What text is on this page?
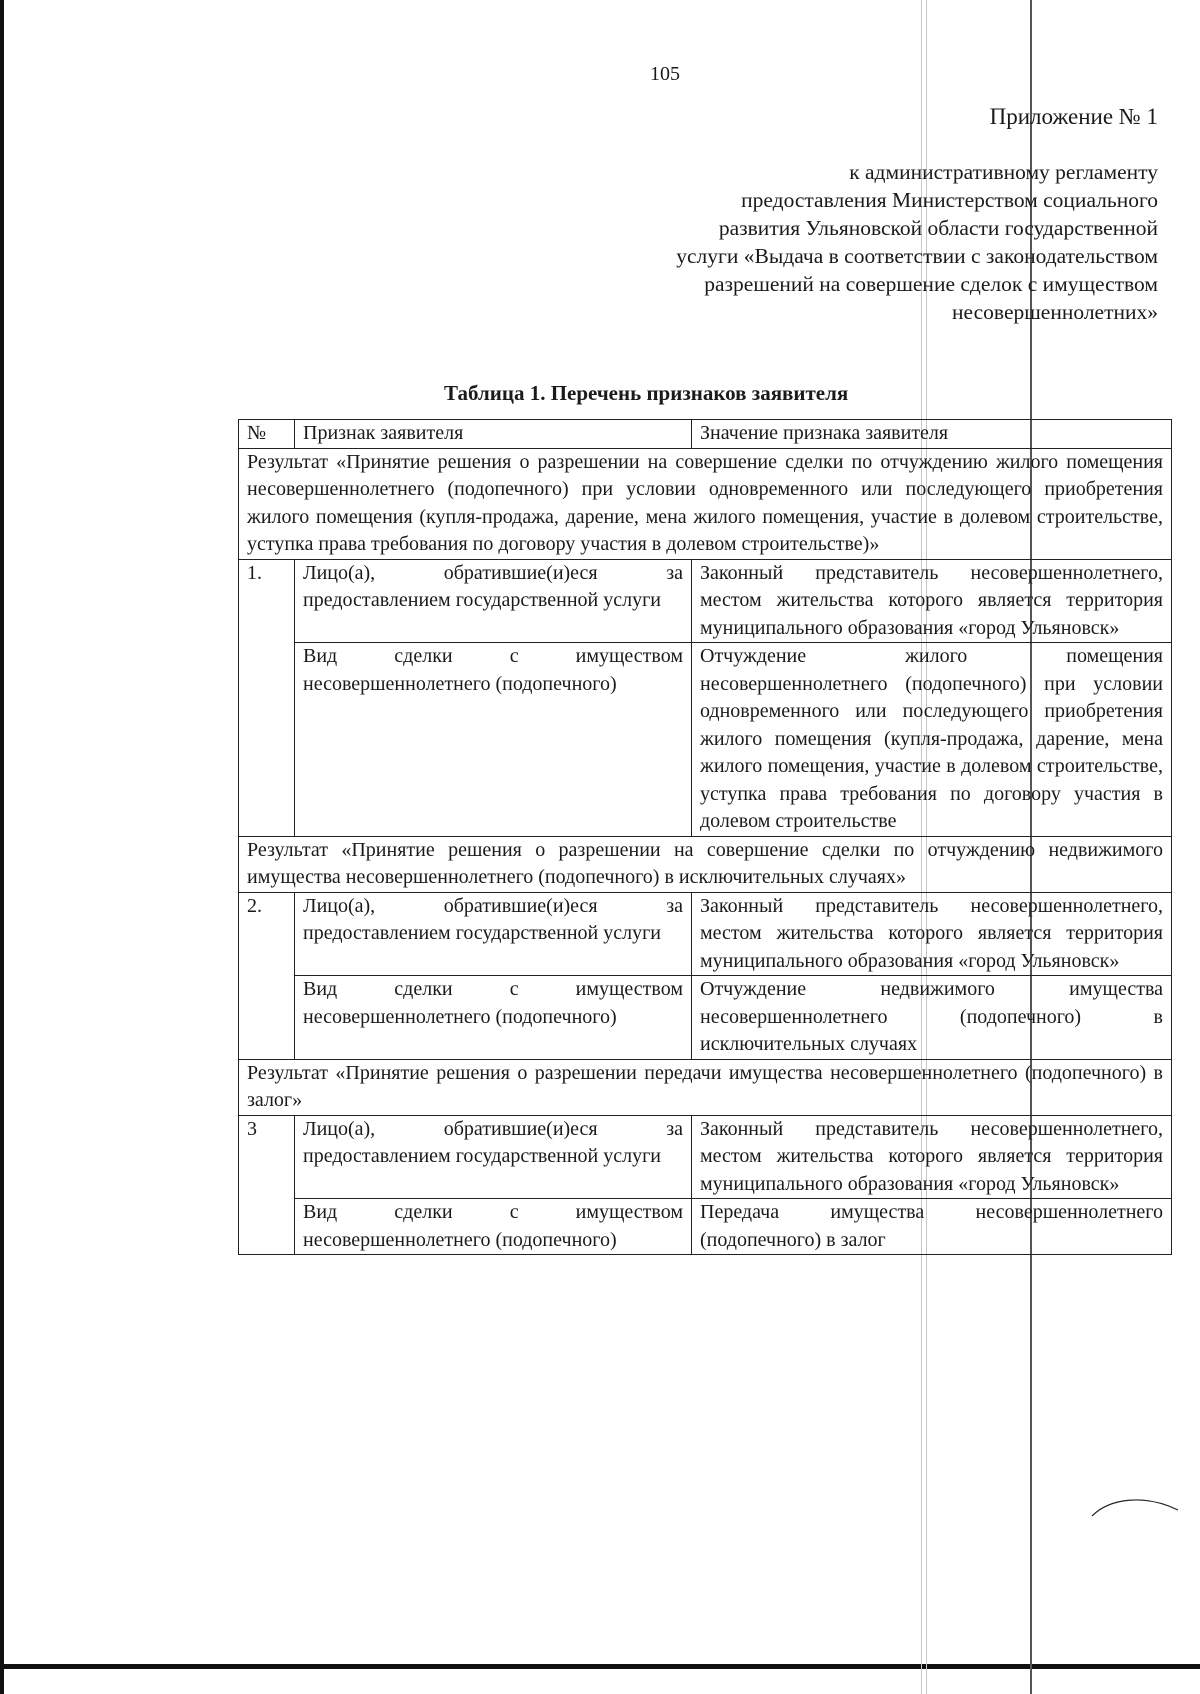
105
Приложение № 1
к административному регламенту
предоставления Министерством социального
развития Ульяновской области государственной
услуги «Выдача в соответствии с законодательством
разрешений на совершение сделок с имуществом
несовершеннолетних»
Таблица 1. Перечень признаков заявителя
№	Признак заявителя	Значение признака заявителя
Результат «Принятие решения о разрешении на совершение сделки по отчуждению жилого помещения несовершеннолетнего (подопечного) при условии одновременного или последующего приобретения жилого помещения (купля-продажа, дарение, мена жилого помещения, участие в долевом строительстве, уступка права требования по договору участия в долевом строительстве)»		
1.	Лицо(а), обратившие(и)еся за предоставлением государственной услуги	Законный представитель несовершеннолетнего, местом жительства которого является территория муниципального образования «город Ульяновск»
	Вид сделки с имуществом несовершеннолетнего (подопечного)	Отчуждение жилого помещения несовершеннолетнего (подопечного) при условии одновременного или последующего приобретения жилого помещения (купля-продажа, дарение, мена жилого помещения, участие в долевом строительстве, уступка права требования по договору участия в долевом строительстве
Результат «Принятие решения о разрешении на совершение сделки по отчуждению недвижимого имущества несовершеннолетнего (подопечного) в исключительных случаях»		
2.	Лицо(а), обратившие(и)еся за предоставлением государственной услуги	Законный представитель несовершеннолетнего, местом жительства которого является территория муниципального образования «город Ульяновск»
	Вид сделки с имуществом несовершеннолетнего (подопечного)	Отчуждение недвижимого имущества несовершеннолетнего (подопечного) в исключительных случаях
Результат «Принятие решения о разрешении передачи имущества несовершеннолетнего (подопечного) в залог»		
3	Лицо(а), обратившие(и)еся за предоставлением государственной услуги	Законный представитель несовершеннолетнего, местом жительства которого является территория муниципального образования «город Ульяновск»
	Вид сделки с имуществом несовершеннолетнего (подопечного)	Передача имущества несовершеннолетнего (подопечного) в залог
